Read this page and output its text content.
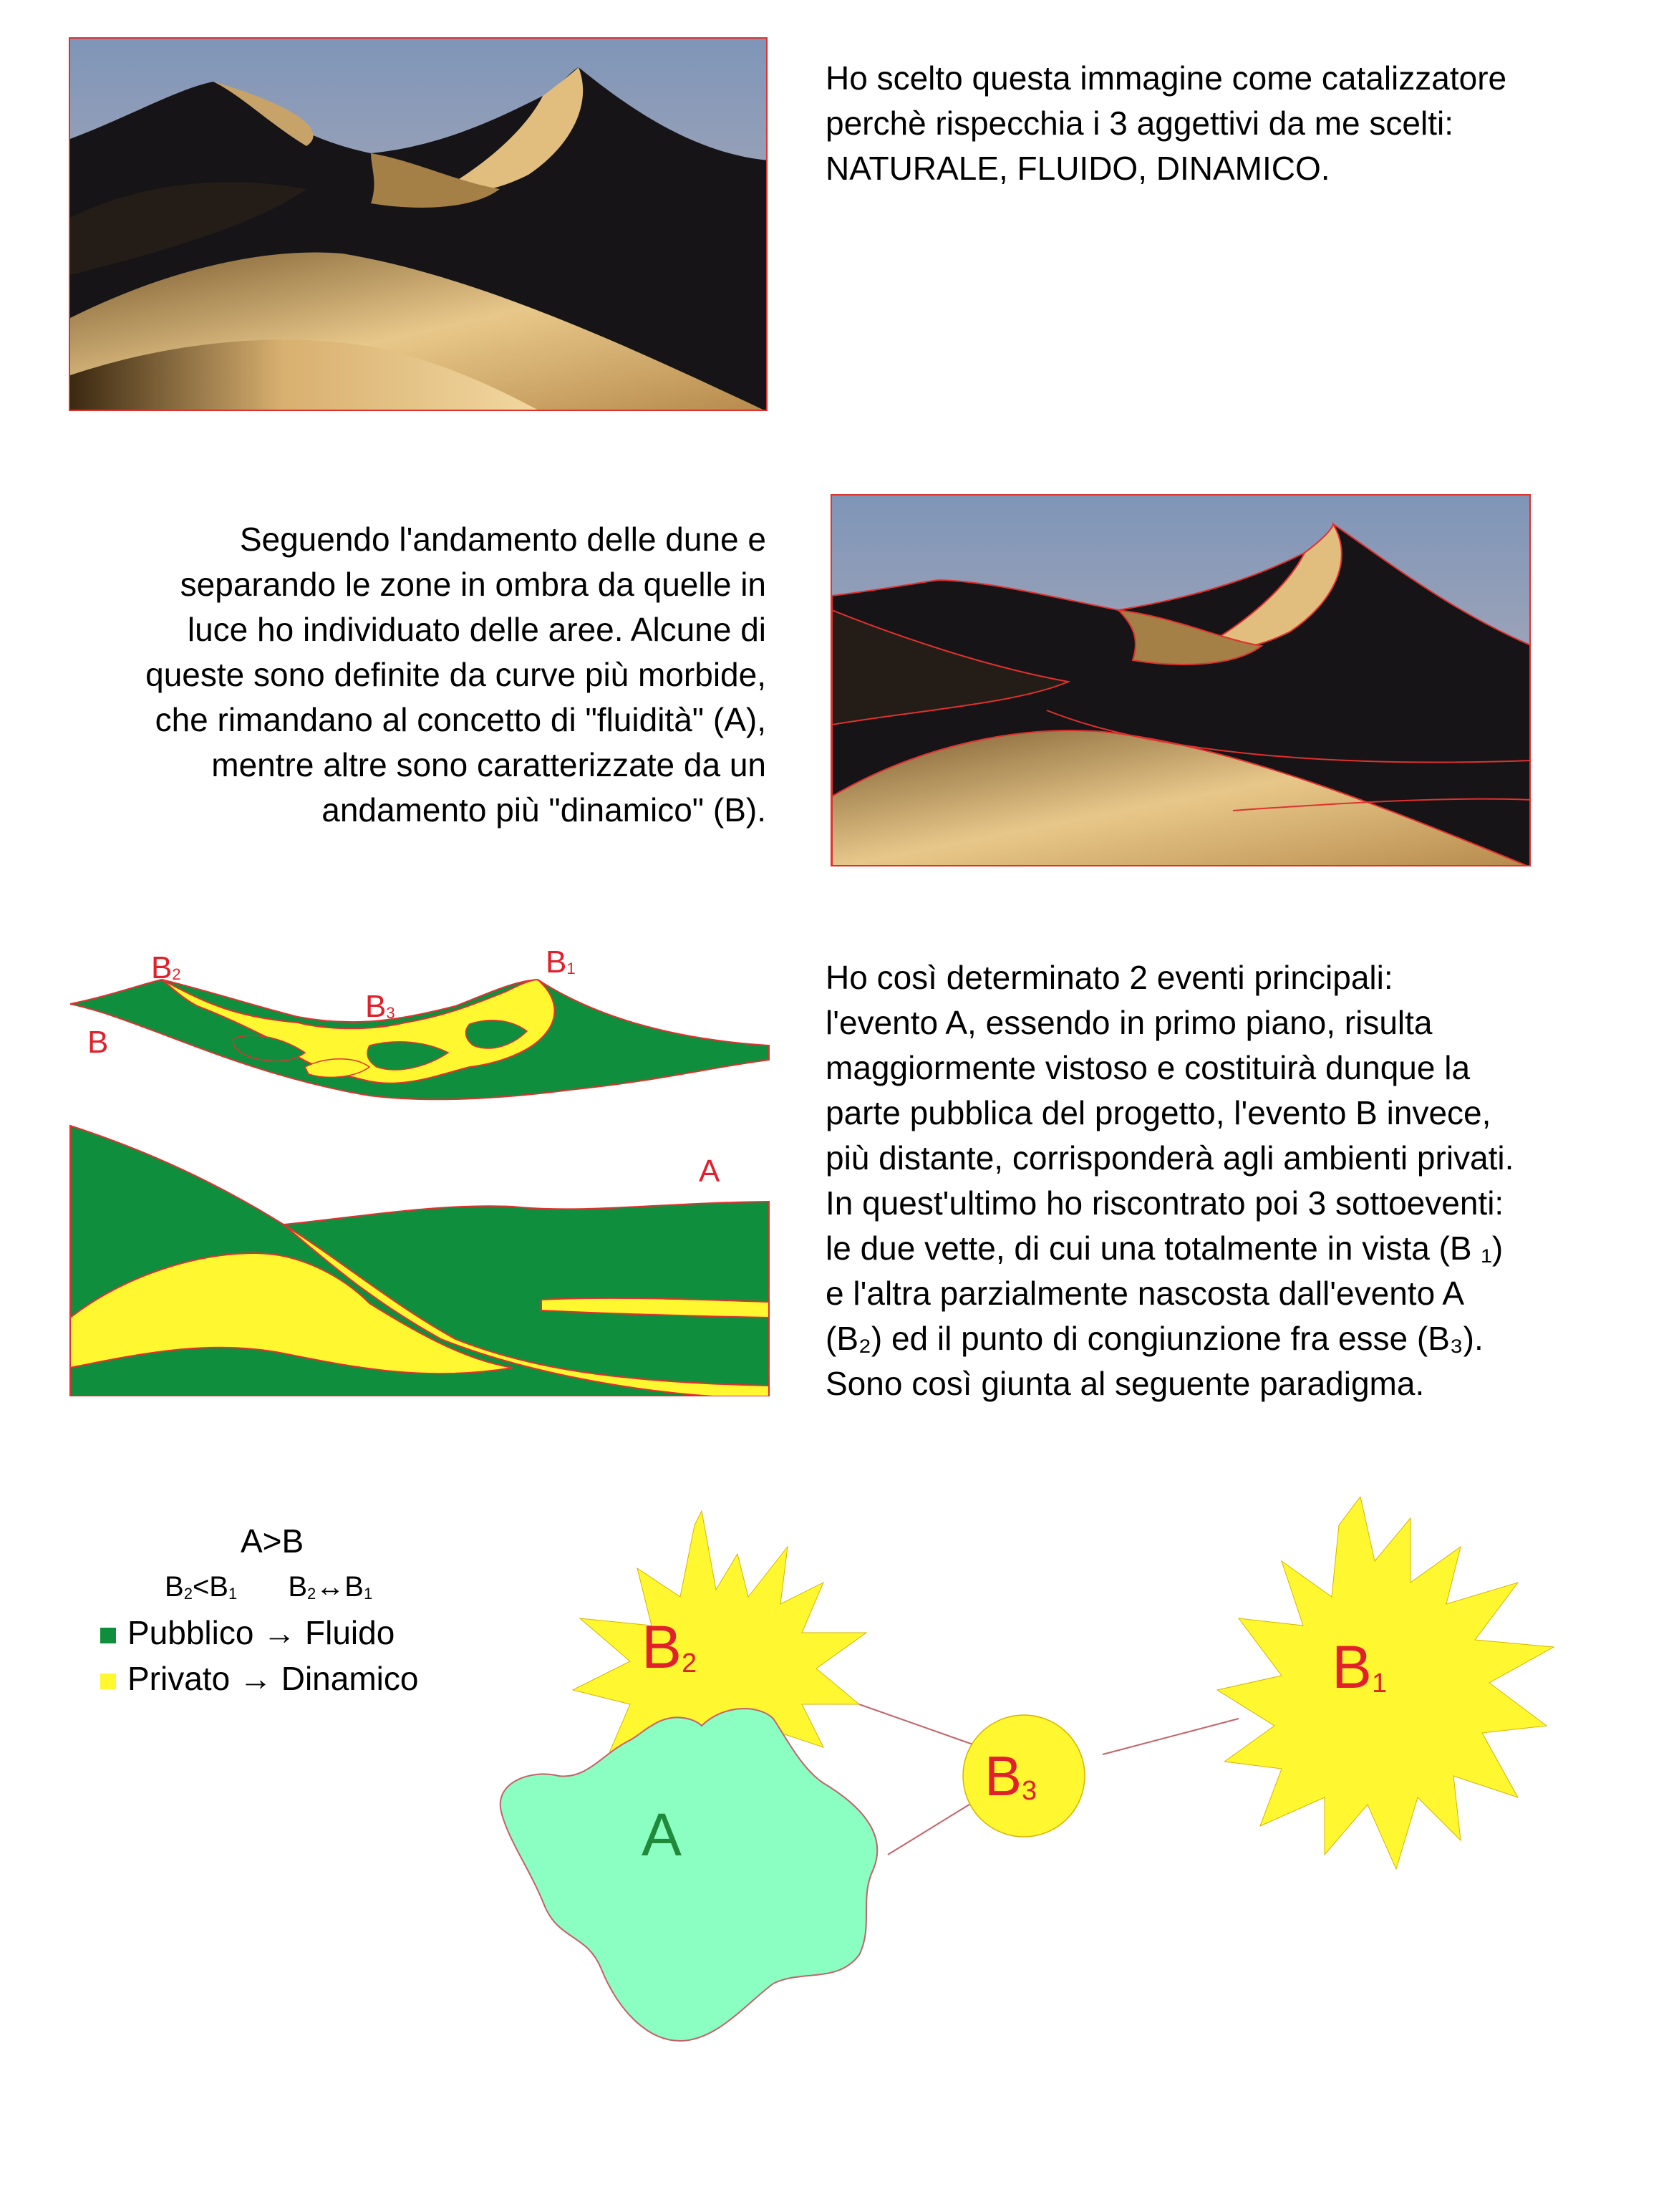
Ho scelto questa immagine come catalizzatore

perchè rispecchia i 3 aggettivi da me scelti:

NATURALE, FLUIDO, DINAMICO.

Seguendo l'andamento delle dune e

separando le zone in ombra da quelle in

luce ho individuato delle aree. Alcune di

queste sono definite da curve più morbide,

che rimandano al concetto di "fluidità" (A),

mentre altre sono caratterizzate da un

andamento più "dinamico" (B).

$B_2$	$B_1$
$B_3$
B
A

Ho così determinato 2 eventi principali:

l'evento A, essendo in primo piano, risulta

maggiormente vistoso e costituirà dunque la

parte pubblica del progetto, l'evento B invece,

più distante, corrisponderà agli ambienti privati.

In quest'ultimo ho riscontrato poi 3 sottoeventi:

le due vette, di cui una totalmente in vista (B ₁)

e l'altra parzialmente nascosta dall'evento A

(B₂) ed il punto di congiunzione fra esse (B₃).

Sono così giunta al seguente paradigma.

A>B
$B_2<B_1$ $B_2\leftrightarrow B_1$
Pubblico → Fluido
Privato → Dinamico	$B_2$
A
$B_3$
$B_1$
